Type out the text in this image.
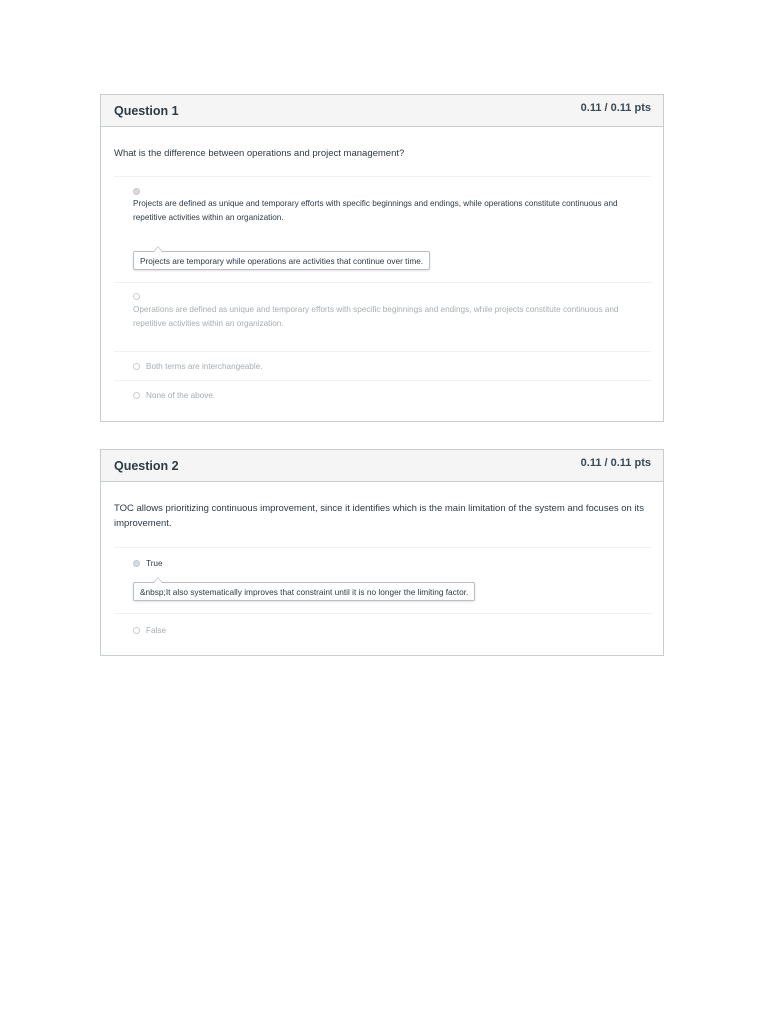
Question 1	0.11 / 0.11 pts
What is the difference between operations and project management?
Projects are defined as unique and temporary efforts with specific beginnings and endings, while operations constitute continuous and repetitive activities within an organization.
Projects are temporary while operations are activities that continue over time.
Operations are defined as unique and temporary efforts with specific beginnings and endings, while projects constitute continuous and repetitive activities within an organization.
Both terms are interchangeable.
None of the above.
Question 2	0.11 / 0.11 pts
TOC allows prioritizing continuous improvement, since it identifies which is the main limitation of the system and focuses on its improvement.
True
&nbsp;It also systematically improves that constraint until it is no longer the limiting factor.
False
